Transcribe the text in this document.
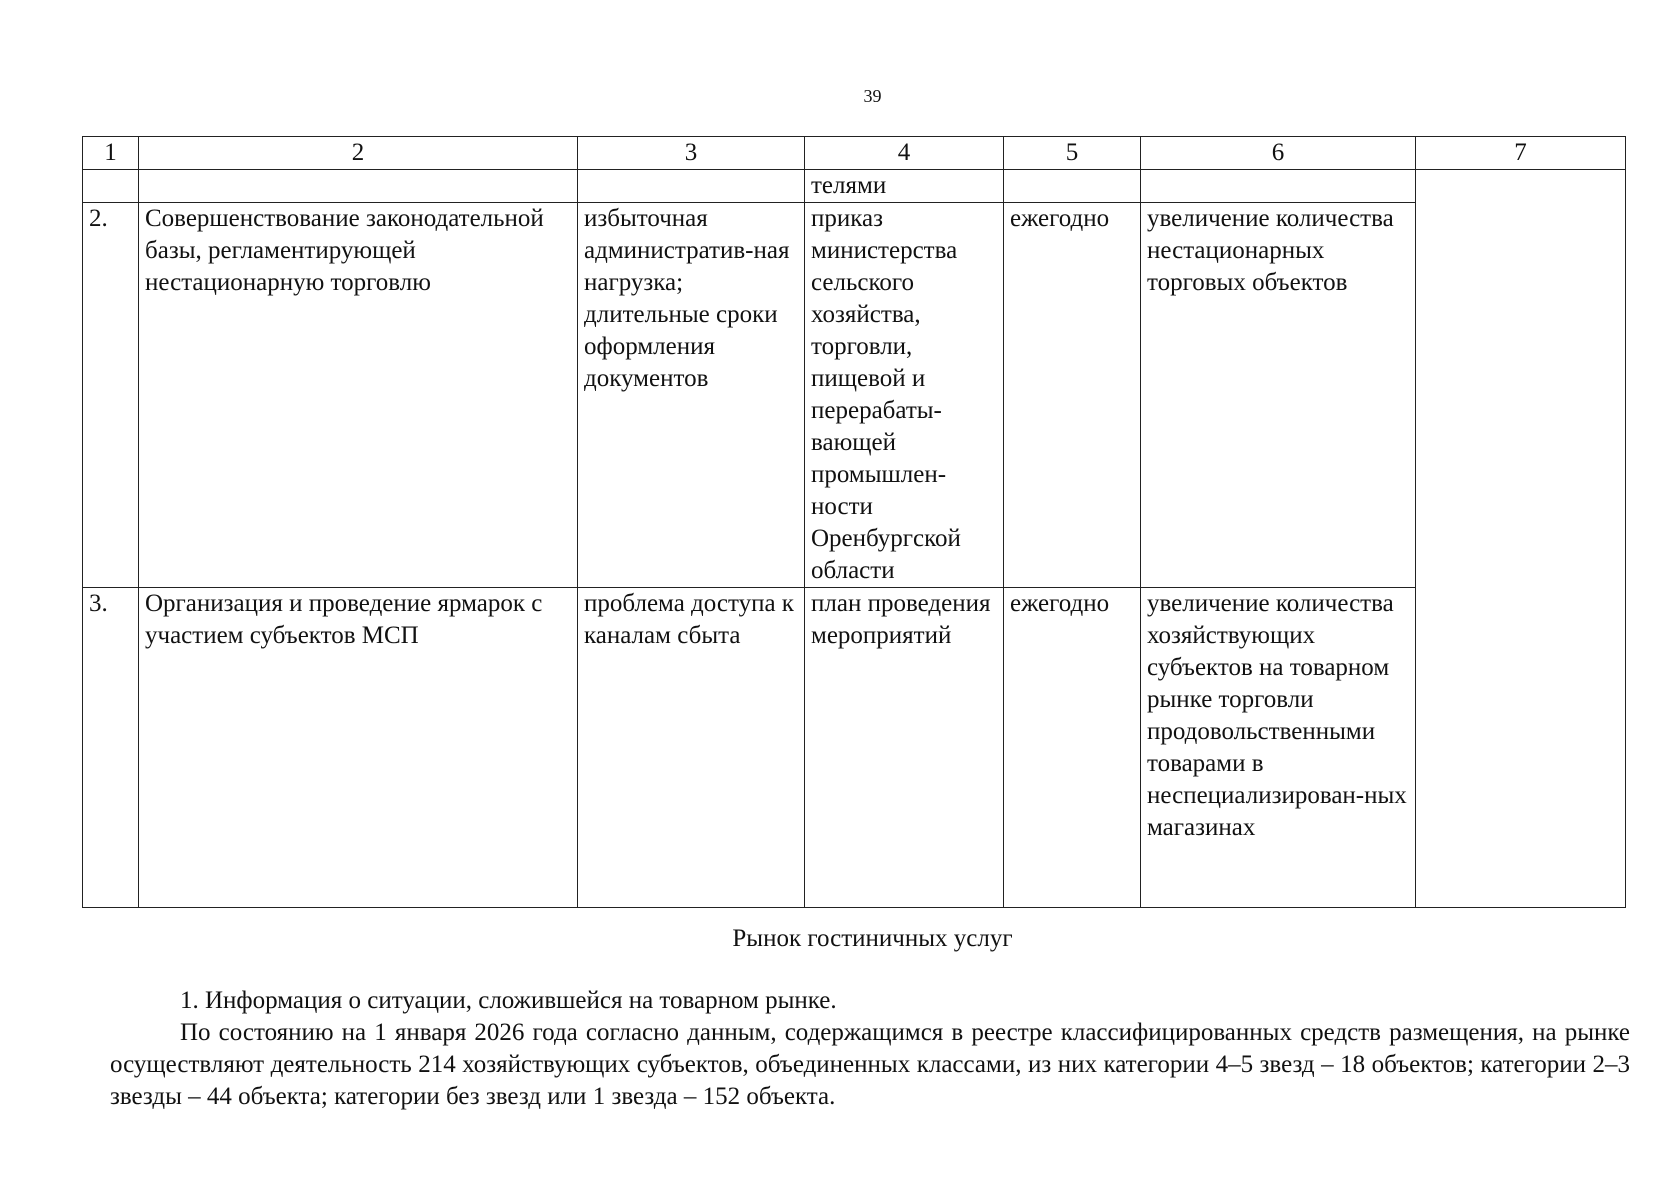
39
1	2	3	4	5	6	7
			телями			
2.	Совершенствование законодательной базы, регламентирующей нестационарную торговлю	избыточная административ-ная нагрузка; длительные сроки оформления документов	приказ министерства сельского хозяйства, торговли, пищевой и перерабаты-вающей промышлен-ности Оренбургской области	ежегодно	увеличение количества нестационарных торговых объектов	
3.	Организация и проведение ярмарок с участием субъектов МСП	проблема доступа к каналам сбыта	план проведения мероприятий	ежегодно	увеличение количества хозяйствующих субъектов на товарном рынке торговли продовольственными товарами в неспециализирован-ных магазинах	
Рынок гостиничных услуг
1. Информация о ситуации, сложившейся на товарном рынке.
По состоянию на 1 января 2026 года согласно данным, содержащимся в реестре классифицированных средств размещения, на рынке осуществляют деятельность 214 хозяйствующих субъектов, объединенных классами, из них категории 4–5 звезд – 18 объектов; категории 2–3 звезды – 44 объекта; категории без звезд или 1 звезда – 152 объекта.
